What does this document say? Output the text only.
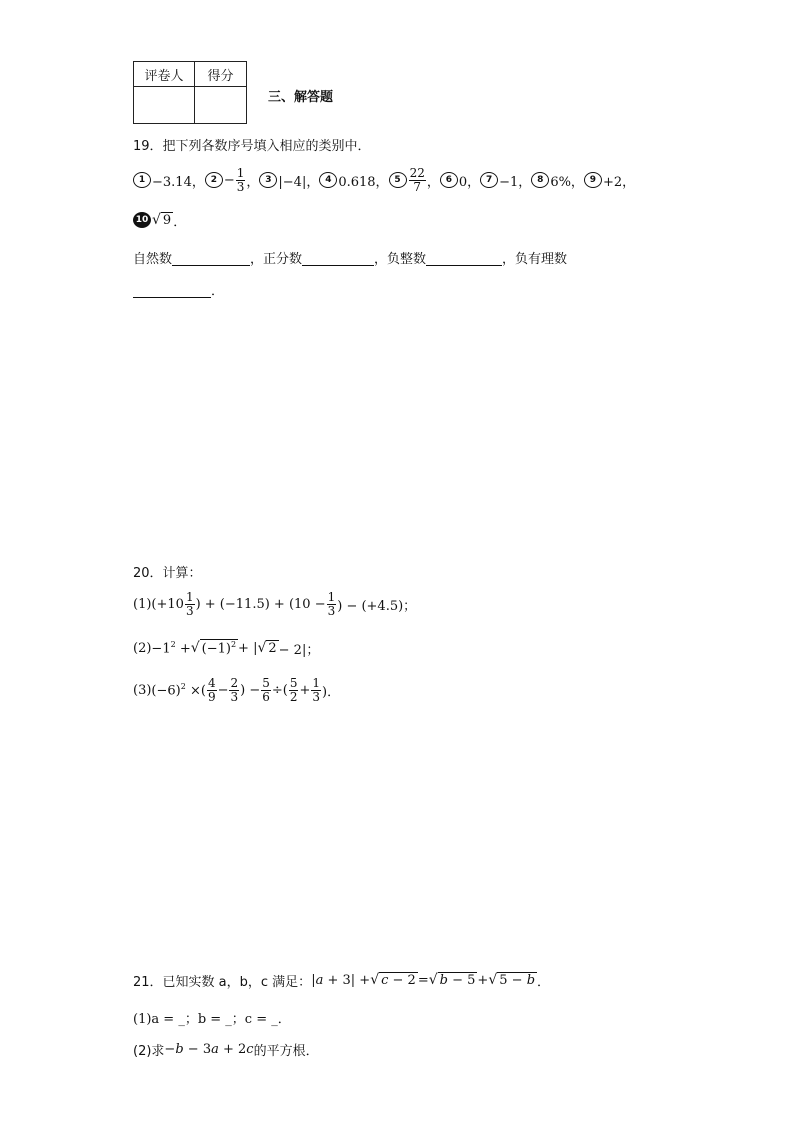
评卷人	得分

三、解答题
19．把下列各数序号填入相应的类别中．
1 −3.14， $2 - \frac{1}{3}$ ， 3 |−4|， 4 0.618， $5 \frac{22}{7}$ ， 6 0， 7 −1， 8 6%， 9 +2，
10 √ 9 ．
自然数
	，正分数
	，负整数
	，负有理数

．
20．计算：
(1) ($+10 \frac{1}{3}$ ) + $(-11.5) + (10 - \frac{1}{3}$ ) − (+4.5)；
$(2) -1^2$ + √ $(-1)^2$ + | √ 2 − 2|；
(3) $(-6)^2$ ×( $\frac{4}{9} - \frac{2}{3}$ ) − $\frac{5}{6}$ ÷( $\frac{5}{2} + \frac{1}{3}$ )．
21．已知实数 a，b，c 满足： |a + 3| + √ c − 2 = √ b − 5 + √ 5 − b ．
(1)a = _；b = _；c = _．
(2)求 −b − 3a + 2c 的平方根．
